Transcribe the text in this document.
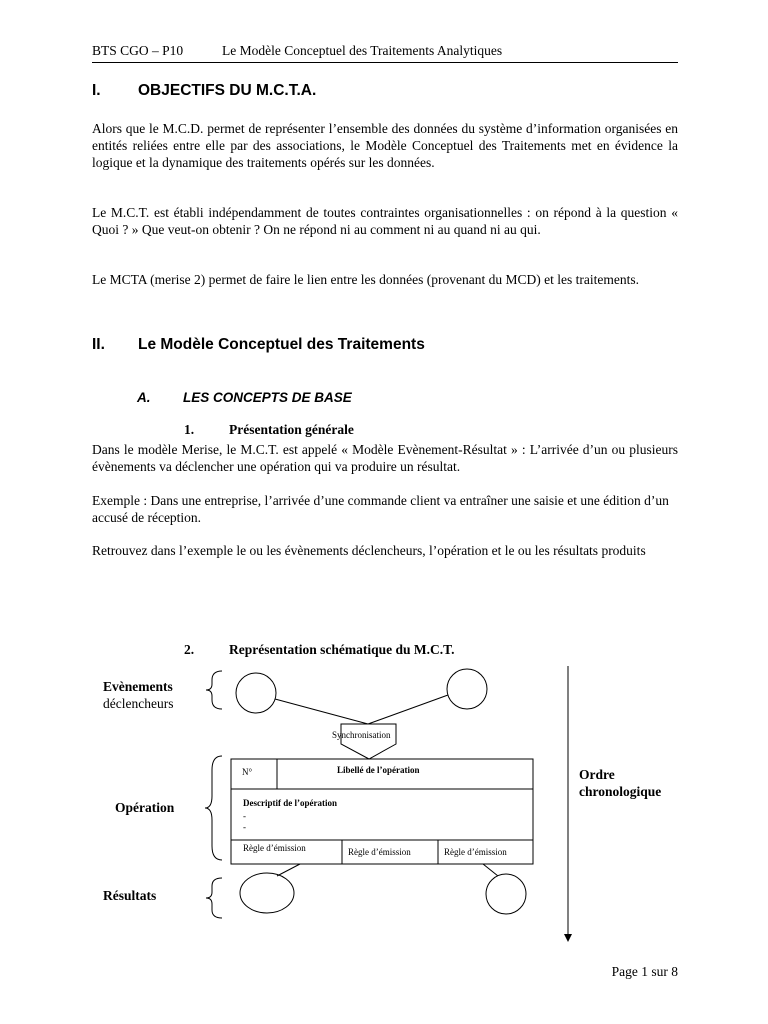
BTS CGO – P10	Le Modèle Conceptuel des Traitements Analytiques
I. OBJECTIFS DU M.C.T.A.
Alors que le M.C.D. permet de représenter l’ensemble des données du système d’information organisées en entités reliées entre elle par des associations, le Modèle Conceptuel des Traitements met en évidence la logique et la dynamique des traitements opérés sur les données.
Le M.C.T. est établi indépendamment de toutes contraintes organisationnelles : on répond à la question « Quoi ? » Que veut-on obtenir ? On ne répond ni au comment ni au quand ni au qui.
Le MCTA (merise 2) permet de faire le lien entre les données (provenant du MCD) et les traitements.
II. Le Modèle Conceptuel des Traitements
A. LES CONCEPTS DE BASE
1.	Présentation générale
Dans le modèle Merise, le M.C.T. est appelé « Modèle Evènement-Résultat » : L’arrivée d’un ou plusieurs évènements va déclencher une opération qui va produire un résultat.
Exemple : Dans une entreprise, l’arrivée d’une commande client va entraîner une saisie et une édition d’un accusé de réception.
Retrouvez dans l’exemple le ou les évènements déclencheurs, l’opération et le ou les résultats produits
2.	Représentation schématique du M.C.T.
Evènements
déclencheurs
Synchronisation
N°	Libellé de l’opération
Descriptif de l’opération
-
-
Règle d’émission	Règle d’émission	Règle d’émission
Opération
Résultats
Ordre
chronologique
Page 1 sur 8
